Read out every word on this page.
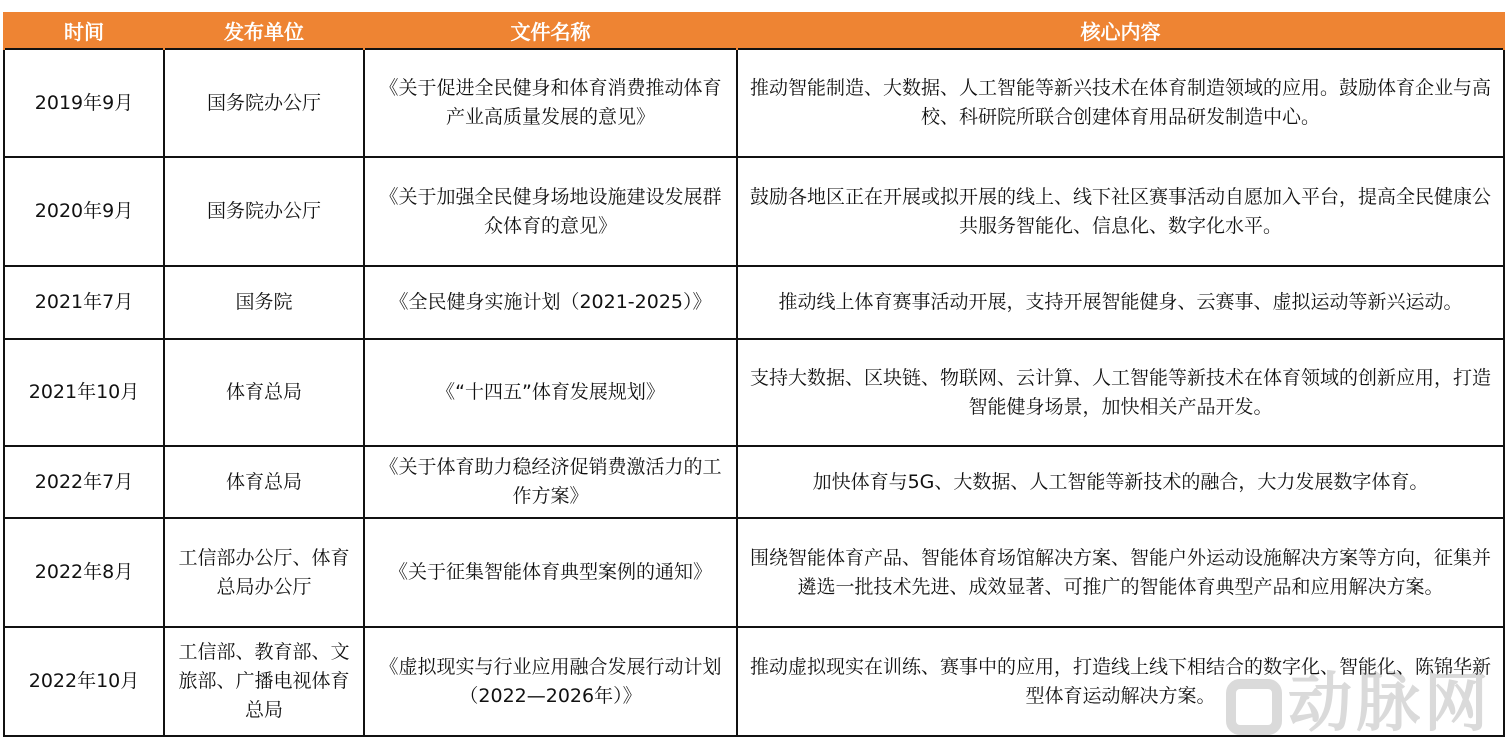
时间	发布单位	文件名称	核心内容
2019年9月	国务院办公厅	《关于促进全民健身和体育消费推动体育产业高质量发展的意见》	推动智能制造、大数据、人工智能等新兴技术在体育制造领域的应用。鼓励体育企业与高校、科研院所联合创建体育用品研发制造中心。
2020年9月	国务院办公厅	《关于加强全民健身场地设施建设发展群众体育的意见》	鼓励各地区正在开展或拟开展的线上、线下社区赛事活动自愿加入平台，提高全民健康公共服务智能化、信息化、数字化水平。
2021年7月	国务院	《全民健身实施计划（2021-2025）》	推动线上体育赛事活动开展，支持开展智能健身、云赛事、虚拟运动等新兴运动。
2021年10月	体育总局	《“十四五”体育发展规划》	支持大数据、区块链、物联网、云计算、人工智能等新技术在体育领域的创新应用，打造智能健身场景，加快相关产品开发。
2022年7月	体育总局	《关于体育助力稳经济促销费激活力的工作方案》	加快体育与5G、大数据、人工智能等新技术的融合，大力发展数字体育。
2022年8月	工信部办公厅、体育总局办公厅	《关于征集智能体育典型案例的通知》	围绕智能体育产品、智能体育场馆解决方案、智能户外运动设施解决方案等方向，征集并遴选一批技术先进、成效显著、可推广的智能体育典型产品和应用解决方案。
2022年10月	工信部、教育部、文旅部、广播电视体育总局	《虚拟现实与行业应用融合发展行动计划（2022—2026年）》	推动虚拟现实在训练、赛事中的应用，打造线上线下相结合的数字化、智能化、陈锦华新型体育运动解决方案。	动脉网
